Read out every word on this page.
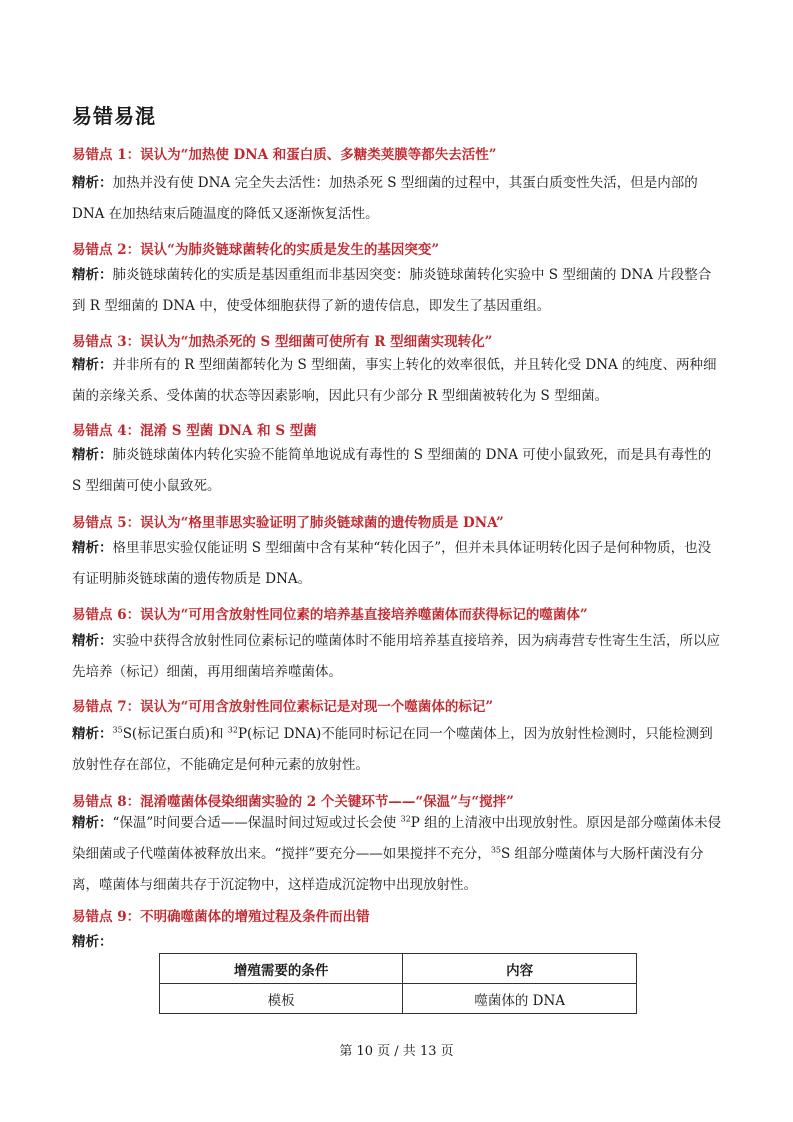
易错易混
易错点 1：误认为“加热使 DNA 和蛋白质、多糖类荚膜等都失去活性”
精析：加热并没有使 DNA 完全失去活性：加热杀死 S 型细菌的过程中，其蛋白质变性失活，但是内部的 DNA 在加热结束后随温度的降低又逐渐恢复活性。
易错点 2：误认“为肺炎链球菌转化的实质是发生的基因突变”
精析：肺炎链球菌转化的实质是基因重组而非基因突变：肺炎链球菌转化实验中 S 型细菌的 DNA 片段整合到 R 型细菌的 DNA 中，使受体细胞获得了新的遗传信息，即发生了基因重组。
易错点 3：误认为“加热杀死的 S 型细菌可使所有 R 型细菌实现转化”
精析：并非所有的 R 型细菌都转化为 S 型细菌，事实上转化的效率很低，并且转化受 DNA 的纯度、两种细菌的亲缘关系、受体菌的状态等因素影响，因此只有少部分 R 型细菌被转化为 S 型细菌。
易错点 4：混淆 S 型菌 DNA 和 S 型菌
精析：肺炎链球菌体内转化实验不能简单地说成有毒性的 S 型细菌的 DNA 可使小鼠致死，而是具有毒性的 S 型细菌可使小鼠致死。
易错点 5：误认为“格里菲思实验证明了肺炎链球菌的遗传物质是 DNA”
精析：格里菲思实验仅能证明 S 型细菌中含有某种“转化因子”，但并未具体证明转化因子是何种物质，也没有证明肺炎链球菌的遗传物质是 DNA。
易错点 6：误认为“可用含放射性同位素的培养基直接培养噬菌体而获得标记的噬菌体”
精析：实验中获得含放射性同位素标记的噬菌体时不能用培养基直接培养，因为病毒营专性寄生生活，所以应先培养（标记）细菌，再用细菌培养噬菌体。
易错点 7：误认为“可用含放射性同位素标记是对现一个噬菌体的标记”
精析：$^{35}$S(标记蛋白质)和 $^{32}$P(标记 DNA)不能同时标记在同一个噬菌体上，因为放射性检测时，只能检测到放射性存在部位，不能确定是何种元素的放射性。
易错点 8：混淆噬菌体侵染细菌实验的 2 个关键环节——“保温”与“搅拌”
精析：“保温”时间要合适——保温时间过短或过长会使 $^{32}$P 组的上清液中出现放射性。原因是部分噬菌体未侵染细菌或子代噬菌体被释放出来。“搅拌”要充分——如果搅拌不充分，$^{35}$S 组部分噬菌体与大肠杆菌没有分离，噬菌体与细菌共存于沉淀物中，这样造成沉淀物中出现放射性。
易错点 9：不明确噬菌体的增殖过程及条件而出错
精析：
增殖需要的条件	内容
模板	噬菌体的 DNA
第 10 页 / 共 13 页
